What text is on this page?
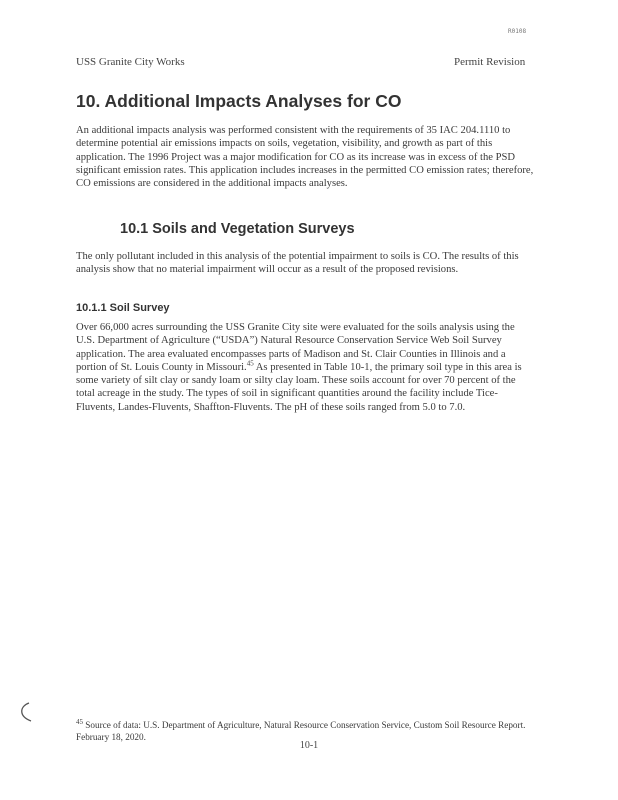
R0108
USS Granite City Works	Permit Revision
10. Additional Impacts Analyses for CO

An additional impacts analysis was performed consistent with the requirements of 35 IAC 204.1110 to determine potential air emissions impacts on soils, vegetation, visibility, and growth as part of this application. The 1996 Project was a major modification for CO as its increase was in excess of the PSD significant emission rates. This application includes increases in the permitted CO emission rates; therefore, CO emissions are considered in the additional impacts analyses.

10.1 Soils and Vegetation Surveys

The only pollutant included in this analysis of the potential impairment to soils is CO. The results of this analysis show that no material impairment will occur as a result of the proposed revisions.

10.1.1 Soil Survey

Over 66,000 acres surrounding the USS Granite City site were evaluated for the soils analysis using the U.S. Department of Agriculture (“USDA”) Natural Resource Conservation Service Web Soil Survey application. The area evaluated encompasses parts of Madison and St. Clair Counties in Illinois and a portion of St. Louis County in Missouri.$^{45}$ As presented in Table 10-1, the primary soil type in this area is some variety of silt clay or sandy loam or silty clay loam. These soils account for over 70 percent of the total acreage in the study. The types of soil in significant quantities around the facility include Tice-Fluvents, Landes-Fluvents, Shaffton-Fluvents. The pH of these soils ranged from 5.0 to 7.0.

$^{45}$ Source of data: U.S. Department of Agriculture, Natural Resource Conservation Service, Custom Soil Resource Report. February 18, 2020.

10-1
